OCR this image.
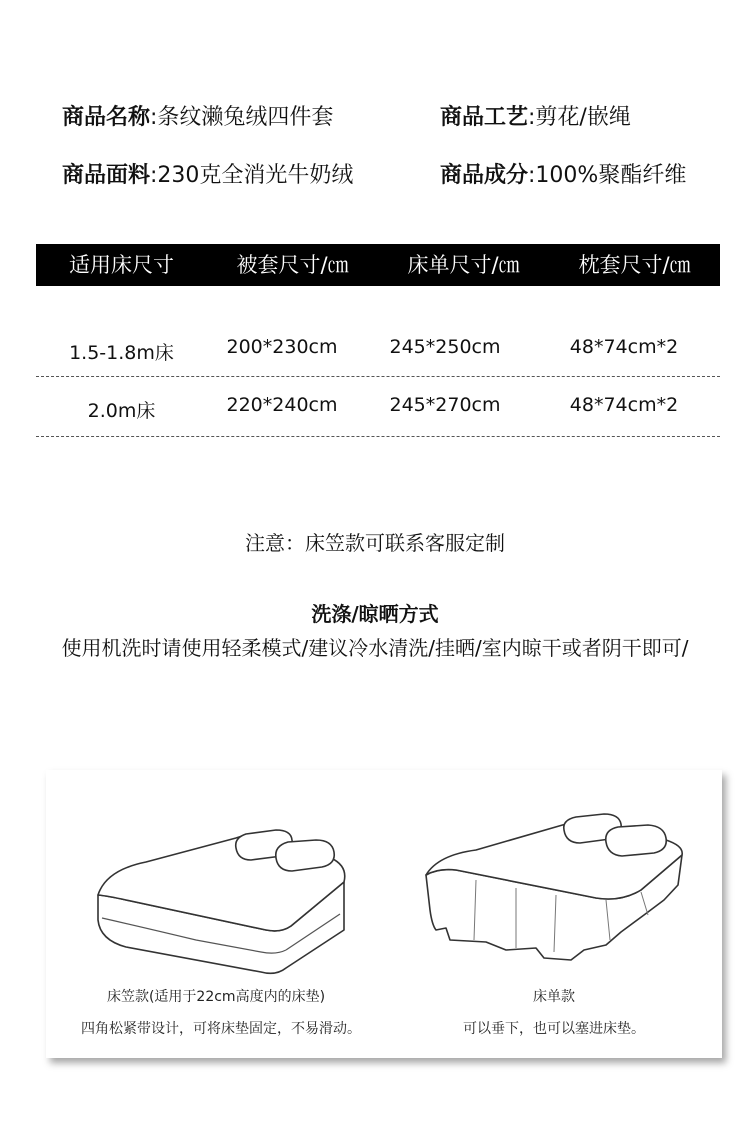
商品名称:条纹濑兔绒四件套	商品工艺:剪花/嵌绳
商品面料:230克全消光牛奶绒	商品成分:100%聚酯纤维
适用床尺寸	被套尺寸/㎝	床单尺寸/㎝	枕套尺寸/㎝
1.5-1.8m床	200*230cm	245*250cm	48*74cm*2
2.0m床	220*240cm	245*270cm	48*74cm*2
注意：床笠款可联系客服定制
洗涤/晾晒方式
使用机洗时请使用轻柔模式/建议冷水清洗/挂晒/室内晾干或者阴干即可/
床笠款(适用于22cm高度内的床垫)
四角松紧带设计，可将床垫固定，不易滑动。
床单款
可以垂下，也可以塞进床垫。
